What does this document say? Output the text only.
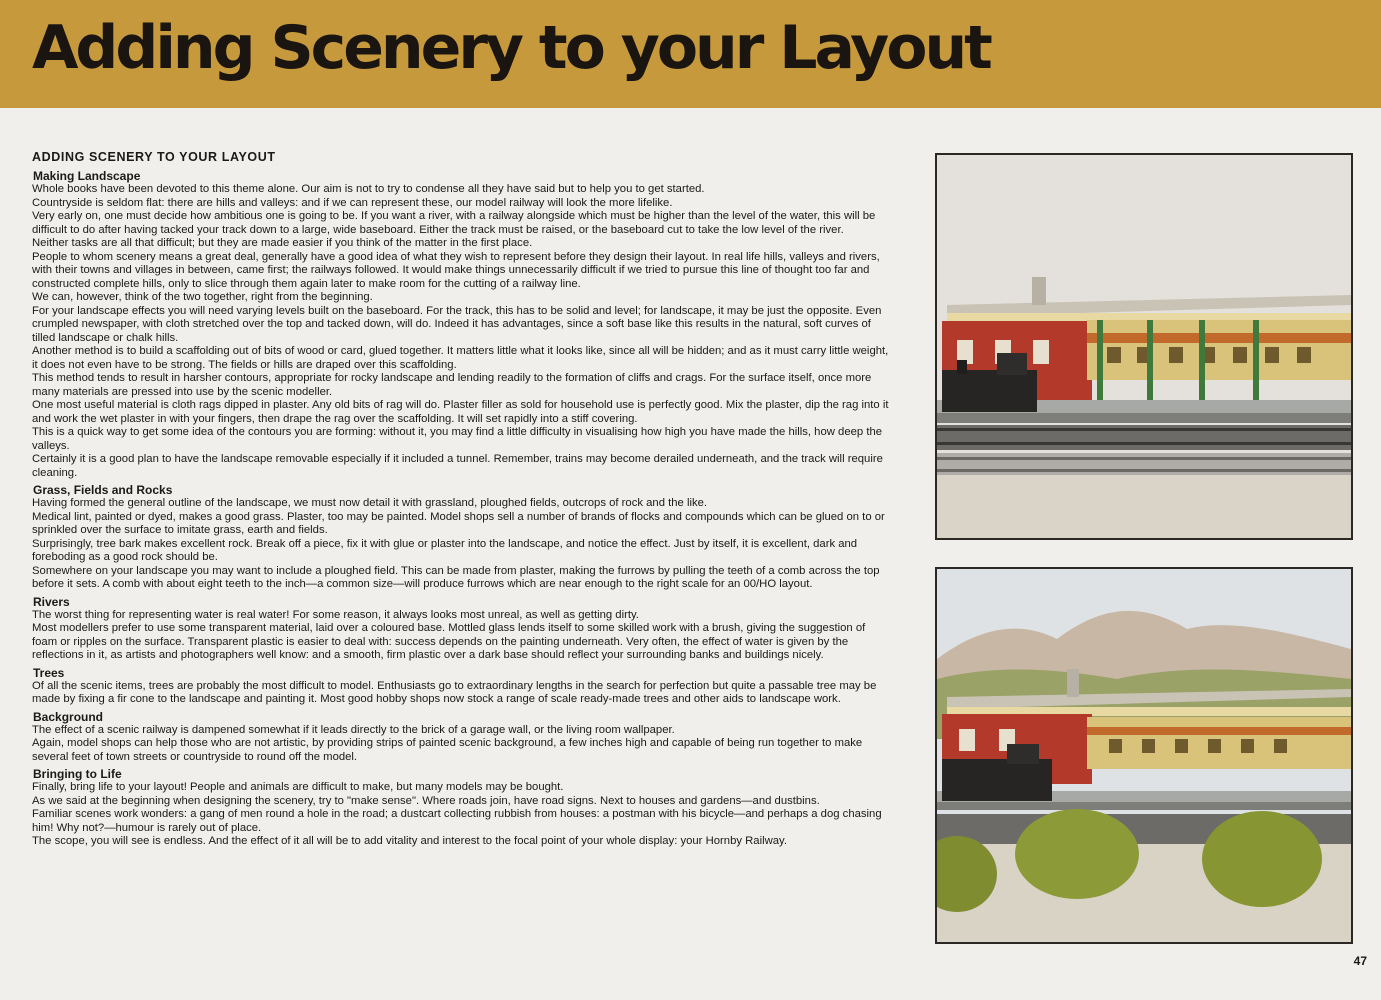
Adding Scenery to your Layout
ADDING SCENERY TO YOUR LAYOUT
Making Landscape

Whole books have been devoted to this theme alone. Our aim is not to try to condense all they have said but to help you to get started.

Countryside is seldom flat: there are hills and valleys: and if we can represent these, our model railway will look the more lifelike.

Very early on, one must decide how ambitious one is going to be. If you want a river, with a railway alongside which must be higher than the level of the water, this will be difficult to do after having tacked your track down to a large, wide baseboard. Either the track must be raised, or the baseboard cut to take the low level of the river.

Neither tasks are all that difficult; but they are made easier if you think of the matter in the first place.

People to whom scenery means a great deal, generally have a good idea of what they wish to represent before they design their layout. In real life hills, valleys and rivers, with their towns and villages in between, came first; the railways followed. It would make things unnecessarily difficult if we tried to pursue this line of thought too far and constructed complete hills, only to slice through them again later to make room for the cutting of a railway line.

We can, however, think of the two together, right from the beginning.

For your landscape effects you will need varying levels built on the baseboard. For the track, this has to be solid and level; for landscape, it may be just the opposite. Even crumpled newspaper, with cloth stretched over the top and tacked down, will do. Indeed it has advantages, since a soft base like this results in the natural, soft curves of tilled landscape or chalk hills.

Another method is to build a scaffolding out of bits of wood or card, glued together. It matters little what it looks like, since all will be hidden; and as it must carry little weight, it does not even have to be strong. The fields or hills are draped over this scaffolding.

This method tends to result in harsher contours, appropriate for rocky landscape and lending readily to the formation of cliffs and crags. For the surface itself, once more many materials are pressed into use by the scenic modeller.

One most useful material is cloth rags dipped in plaster. Any old bits of rag will do. Plaster filler as sold for household use is perfectly good. Mix the plaster, dip the rag into it and work the wet plaster in with your fingers, then drape the rag over the scaffolding. It will set rapidly into a stiff covering.

This is a quick way to get some idea of the contours you are forming: without it, you may find a little difficulty in visualising how high you have made the hills, how deep the valleys.

Certainly it is a good plan to have the landscape removable especially if it included a tunnel. Remember, trains may become derailed underneath, and the track will require cleaning.

Grass, Fields and Rocks

Having formed the general outline of the landscape, we must now detail it with grassland, ploughed fields, outcrops of rock and the like.

Medical lint, painted or dyed, makes a good grass. Plaster, too may be painted. Model shops sell a number of brands of flocks and compounds which can be glued on to or sprinkled over the surface to imitate grass, earth and fields.

Surprisingly, tree bark makes excellent rock. Break off a piece, fix it with glue or plaster into the landscape, and notice the effect. Just by itself, it is excellent, dark and foreboding as a good rock should be.

Somewhere on your landscape you may want to include a ploughed field. This can be made from plaster, making the furrows by pulling the teeth of a comb across the top before it sets. A comb with about eight teeth to the inch—a common size—will produce furrows which are near enough to the right scale for an 00/HO layout.

Rivers

The worst thing for representing water is real water! For some reason, it always looks most unreal, as well as getting dirty.

Most modellers prefer to use some transparent material, laid over a coloured base. Mottled glass lends itself to some skilled work with a brush, giving the suggestion of foam or ripples on the surface. Transparent plastic is easier to deal with: success depends on the painting underneath. Very often, the effect of water is given by the reflections in it, as artists and photographers well know: and a smooth, firm plastic over a dark base should reflect your surrounding banks and buildings nicely.

Trees

Of all the scenic items, trees are probably the most difficult to model. Enthusiasts go to extraordinary lengths in the search for perfection but quite a passable tree may be made by fixing a fir cone to the landscape and painting it. Most good hobby shops now stock a range of scale ready-made trees and other aids to landscape work.

Background

The effect of a scenic railway is dampened somewhat if it leads directly to the brick of a garage wall, or the living room wallpaper.

Again, model shops can help those who are not artistic, by providing strips of painted scenic background, a few inches high and capable of being run together to make several feet of town streets or countryside to round off the model.

Bringing to Life

Finally, bring life to your layout! People and animals are difficult to make, but many models may be bought.

As we said at the beginning when designing the scenery, try to "make sense". Where roads join, have road signs. Next to houses and gardens—and dustbins.

Familiar scenes work wonders: a gang of men round a hole in the road; a dustcart collecting rubbish from houses: a postman with his bicycle—and perhaps a dog chasing him! Why not?—humour is rarely out of place.

The scope, you will see is endless. And the effect of it all will be to add vitality and interest to the focal point of your whole display: your Hornby Railway.

47
